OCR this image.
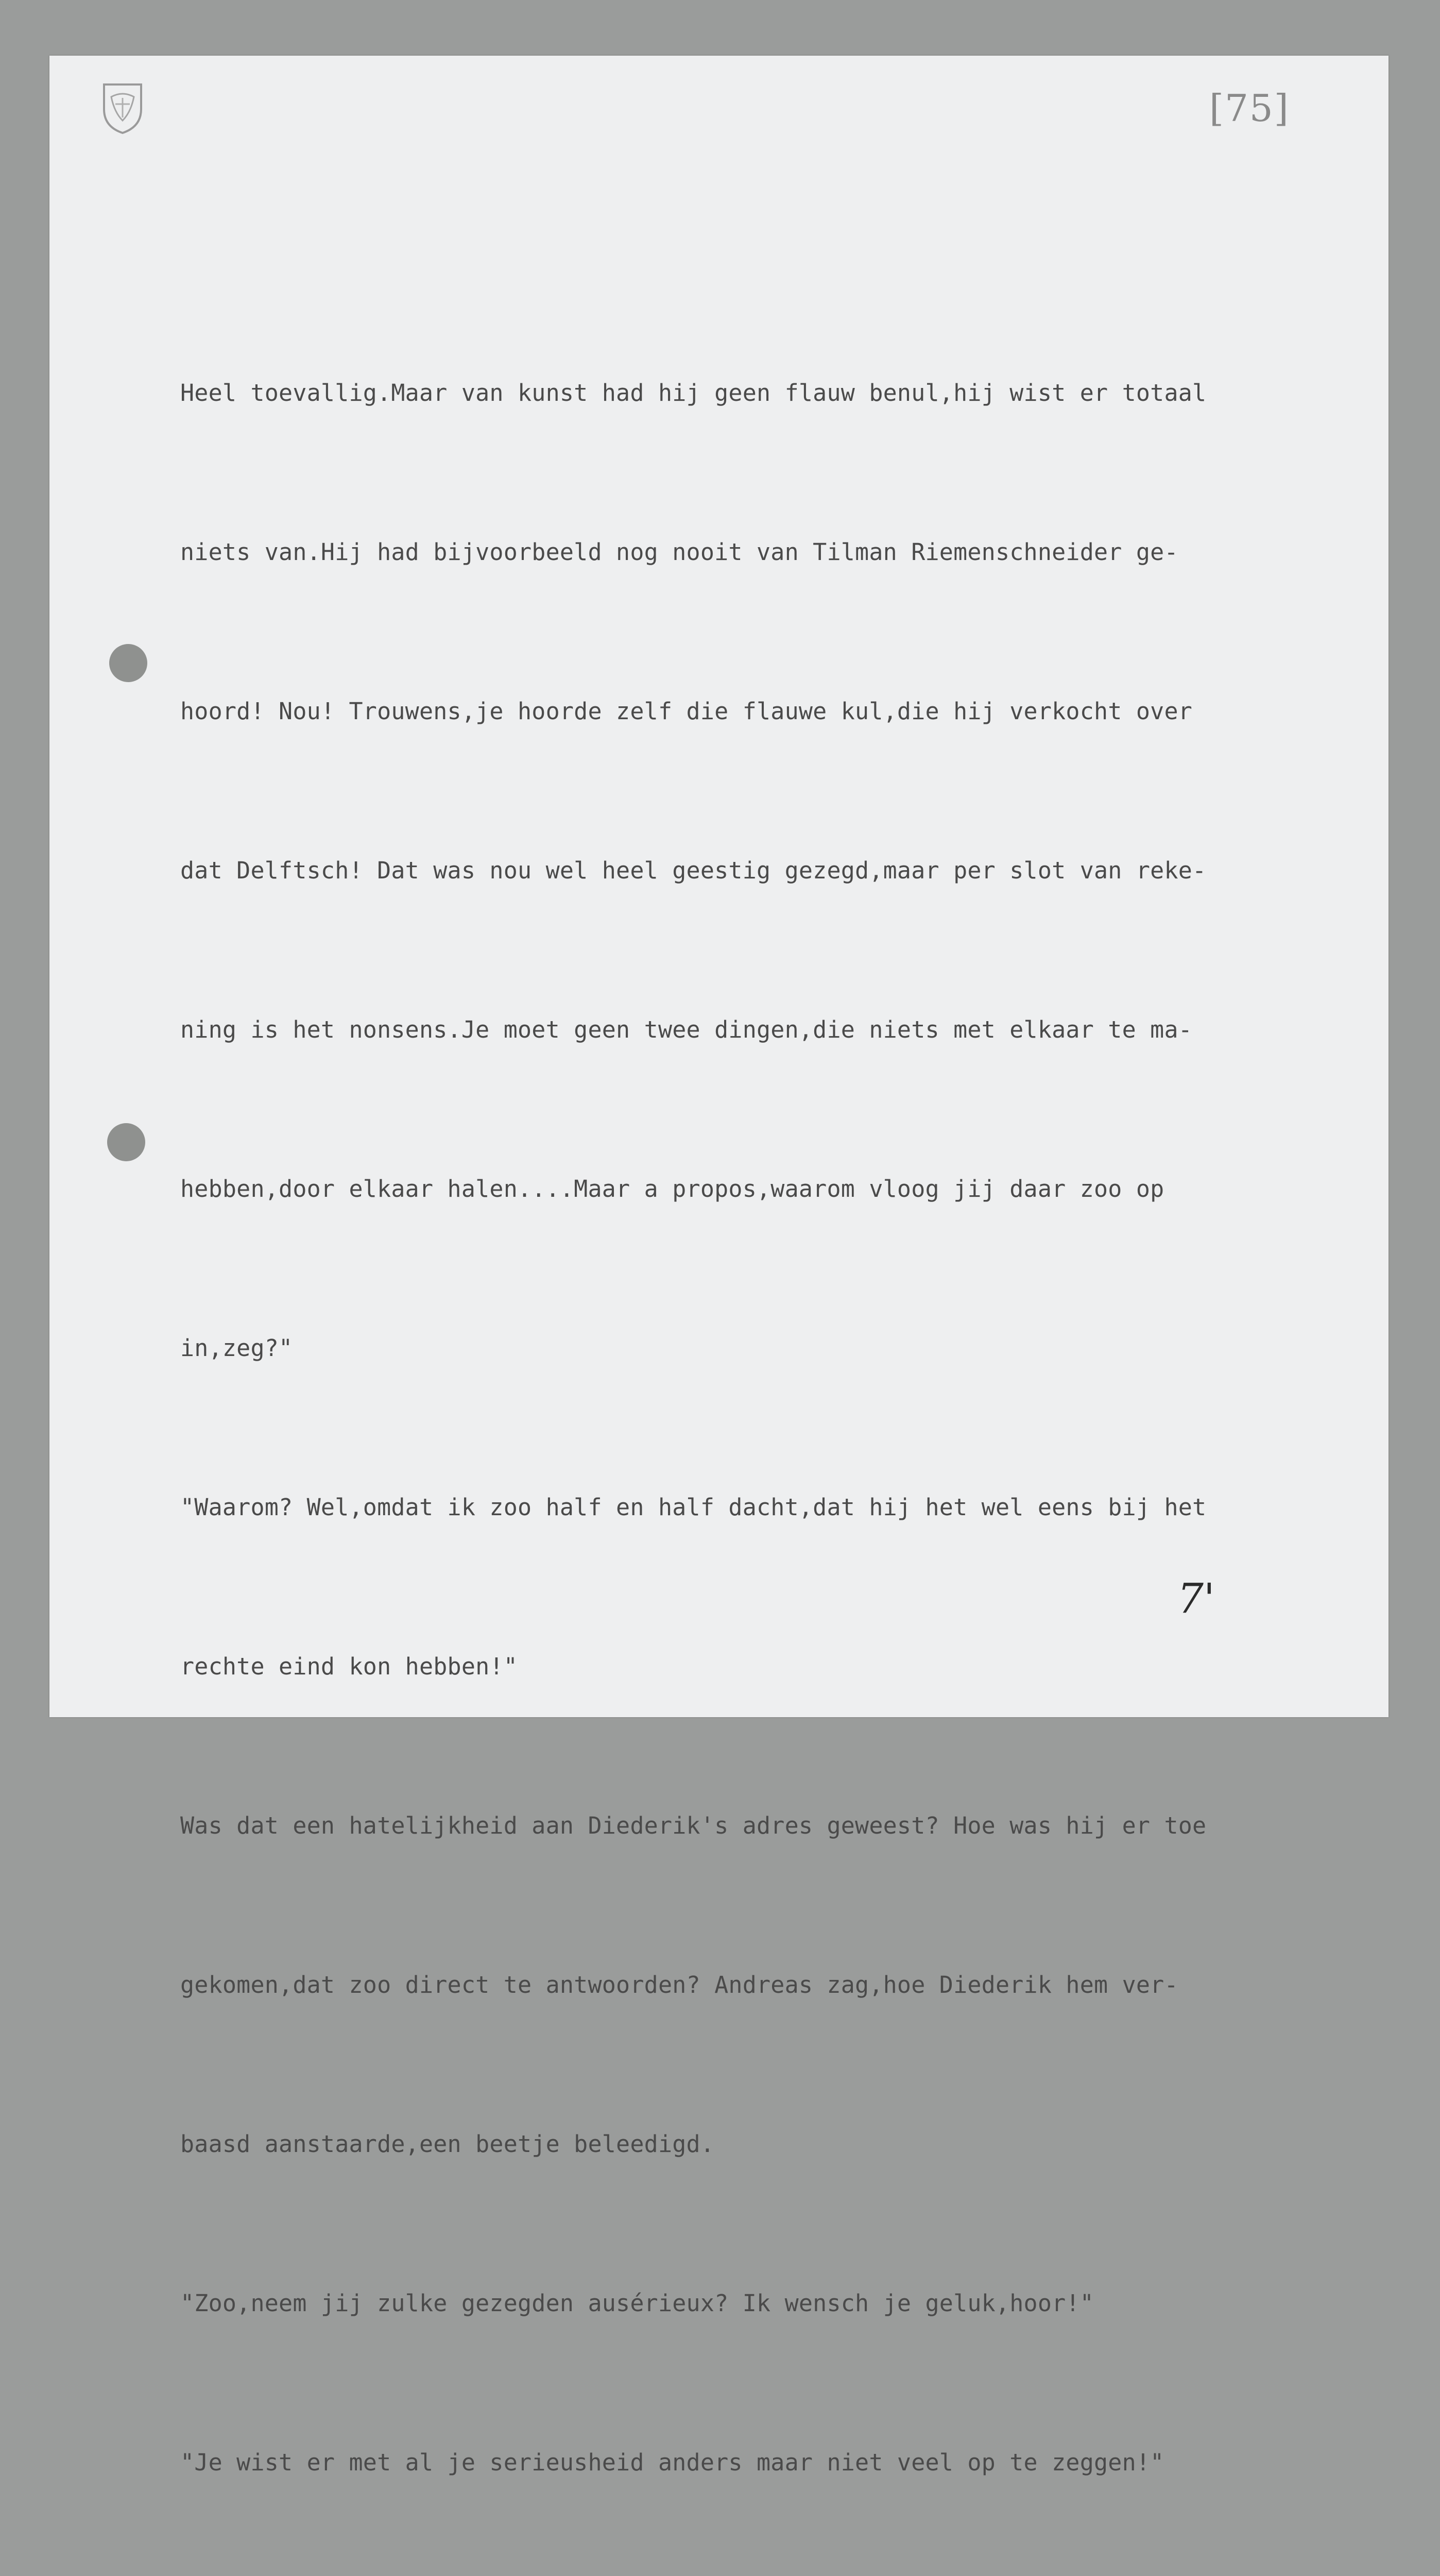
[75]

Heel toevallig.Maar van kunst had hij geen flauw benul,hij wist er totaal

niets van.Hij had bijvoorbeeld nog nooit van Tilman Riemenschneider ge-

hoord! Nou! Trouwens,je hoorde zelf die flauwe kul,die hij verkocht over

dat Delftsch! Dat was nou wel heel geestig gezegd,maar per slot van reke-

ning is het nonsens.Je moet geen twee dingen,die niets met elkaar te ma-

hebben,door elkaar halen....Maar a propos,waarom vloog jij daar zoo op

in,zeg?"

"Waarom? Wel,omdat ik zoo half en half dacht,dat hij het wel eens bij het

rechte eind kon hebben!"

Was dat een hatelijkheid aan Diederik's adres geweest? Hoe was hij er toe

gekomen,dat zoo direct te antwoorden? Andreas zag,hoe Diederik hem ver-

baasd aanstaarde,een beetje beleedigd.

"Zoo,neem jij zulke gezegden ausérieux? Ik wensch je geluk,hoor!"

"Je wist er met al je serieusheid anders maar niet veel op te zeggen!"

7'
